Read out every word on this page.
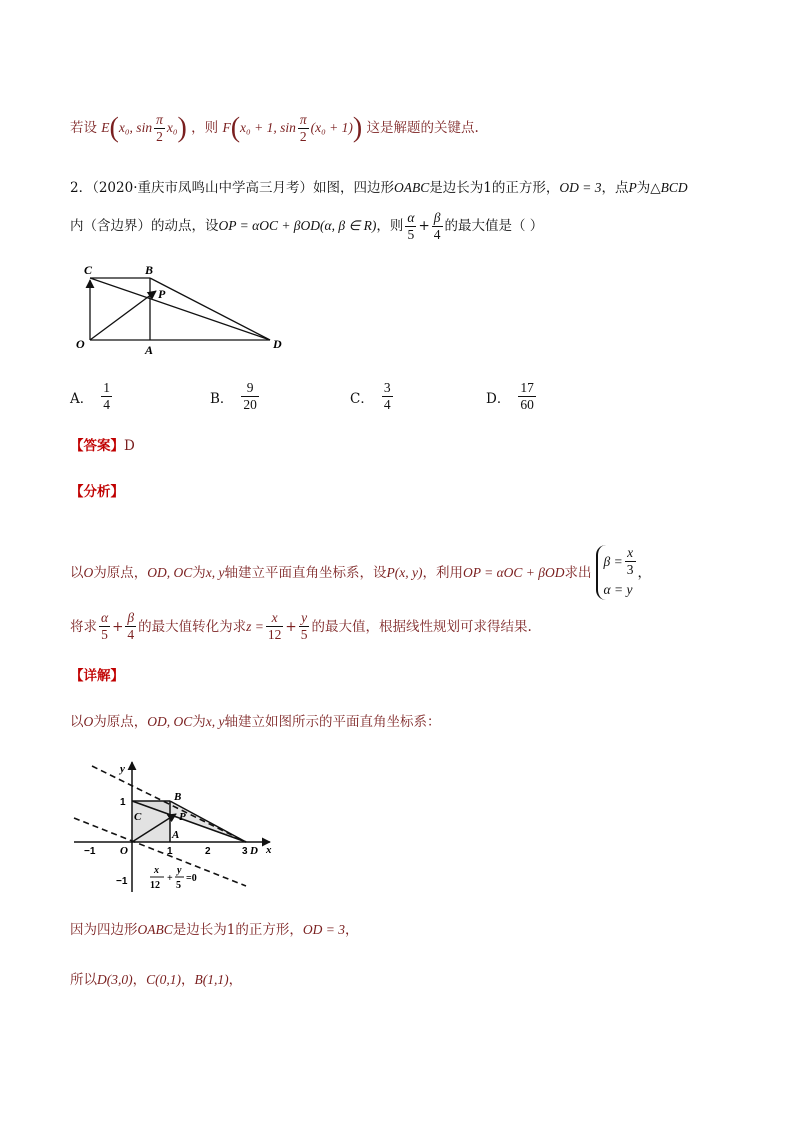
若设 E(x₀, $\sin \frac{\pi}{2} x_0$) ，则 F(x₀ + 1, $\sin \frac{\pi}{2} (x_0 + 1)$) 这是解题的关键点.
2．（2020·重庆市凤鸣山中学高三月考）如图，四边形OABC是边长为1的正方形，OD = 3，点P为△BCD
内（含边界）的动点，设OP = αOC + βOD(α, β ∈ R)，则 $\frac{\alpha}{5} + \frac{\beta}{4}$ 的最大值是（ ）
C	B
P
O	A	D
A． $\frac{1}{4}$	B． $\frac{9}{20}$	C． $\frac{3}{4}$	D． $\frac{17}{60}$
【答案】D
【分析】
以 O 为原点， OD, OC 为 x, y 轴建立平面直角坐标系，设 P(x, y) ，利用 OP = αOC + βOD 求出
$\beta = \frac{x}{3}$
α = y
，
将求 $\frac{\alpha}{5} + \frac{\beta}{4}$ 的最大值转化为求 $z = \frac{x}{12} + \frac{y}{5}$ 的最大值，根据线性规划可求得结果.
【详解】
以O为原点，OD, OC为x, y轴建立如图所示的平面直角坐标系：
y
x
1
−1
−1	1	2	3
B
C	P
A
O	D
x
12
+
y
5
=0
因为四边形OABC是边长为1的正方形，OD = 3，
所以D(3,0)，C(0,1)，B(1,1)，
